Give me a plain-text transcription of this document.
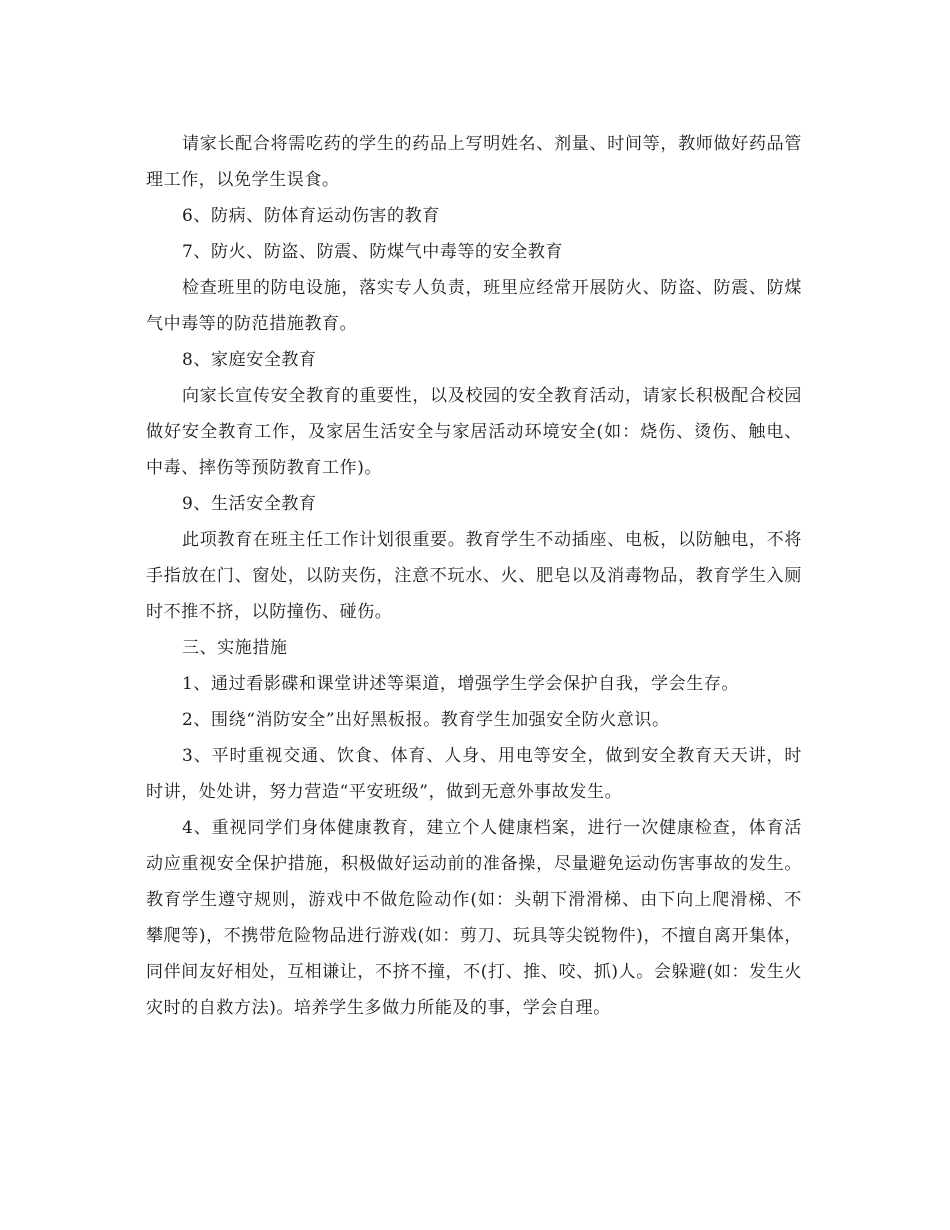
请家长配合将需吃药的学生的药品上写明姓名、剂量、时间等，教师做好药品管理工作，以免学生误食。

6、防病、防体育运动伤害的教育

7、防火、防盗、防震、防煤气中毒等的安全教育

检查班里的防电设施，落实专人负责，班里应经常开展防火、防盗、防震、防煤气中毒等的防范措施教育。

8、家庭安全教育

向家长宣传安全教育的重要性，以及校园的安全教育活动，请家长积极配合校园做好安全教育工作，及家居生活安全与家居活动环境安全(如：烧伤、烫伤、触电、中毒、摔伤等预防教育工作)。

9、生活安全教育

此项教育在班主任工作计划很重要。教育学生不动插座、电板，以防触电，不将手指放在门、窗处，以防夹伤，注意不玩水、火、肥皂以及消毒物品，教育学生入厕时不推不挤，以防撞伤、碰伤。

三、实施措施

1、通过看影碟和课堂讲述等渠道，增强学生学会保护自我，学会生存。

2、围绕“消防安全”出好黑板报。教育学生加强安全防火意识。

3、平时重视交通、饮食、体育、人身、用电等安全，做到安全教育天天讲，时时讲，处处讲，努力营造“平安班级”，做到无意外事故发生。

4、重视同学们身体健康教育，建立个人健康档案，进行一次健康检查，体育活动应重视安全保护措施，积极做好运动前的准备操，尽量避免运动伤害事故的发生。教育学生遵守规则，游戏中不做危险动作(如：头朝下滑滑梯、由下向上爬滑梯、不攀爬等)，不携带危险物品进行游戏(如：剪刀、玩具等尖锐物件)，不擅自离开集体，同伴间友好相处，互相谦让，不挤不撞，不(打、推、咬、抓)人。会躲避(如：发生火灾时的自救方法)。培养学生多做力所能及的事，学会自理。
